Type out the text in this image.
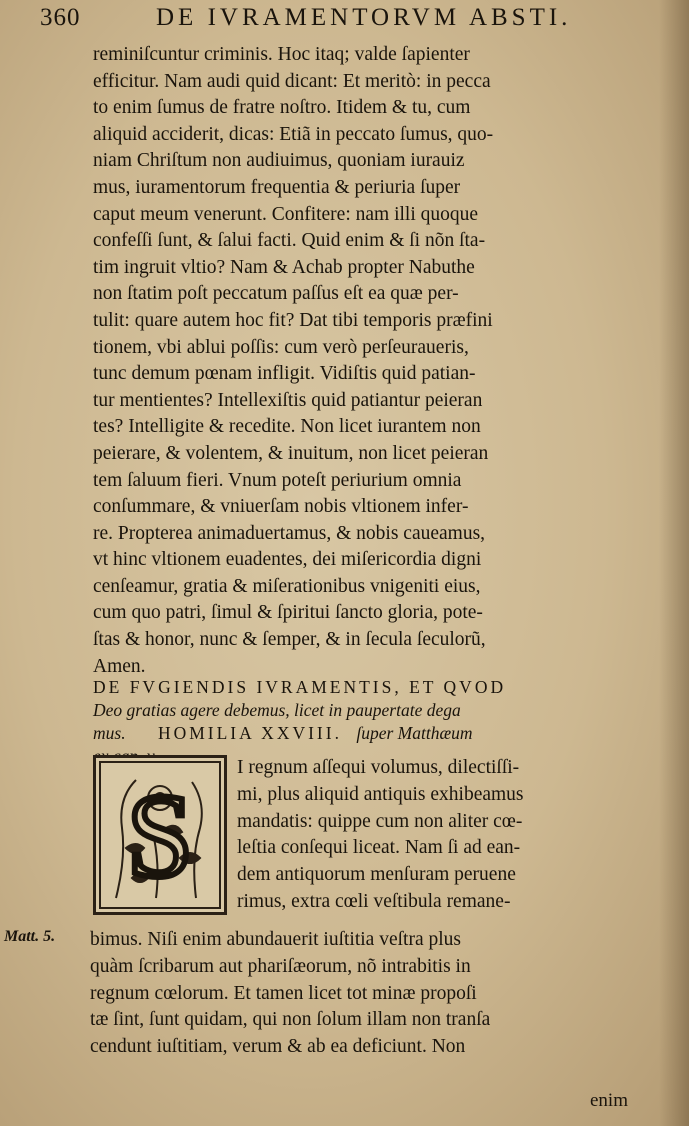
360	DE IVRAMENTORVM ABSTI.
reminiſcuntur criminis. Hoc itaq; valde ſapienter
efficitur. Nam audi quid dicant: Et meritò: in pecca
to enim ſumus de fratre noſtro. Itidem & tu, cum
aliquid acciderit, dicas: Etiã in peccato ſumus, quo-
niam Chriſtum non audiuimus, quoniam iurauiz
mus, iuramentorum frequentia & periuria ſuper
caput meum venerunt. Confitere: nam illi quoque
confeſſi ſunt, & ſalui facti. Quid enim & ſi nõn ſta-
tim ingruit vltio? Nam & Achab propter Nabuthe
non ſtatim poſt peccatum paſſus eſt ea quæ per-
tulit: quare autem hoc fit? Dat tibi temporis præfini
tionem, vbi ablui poſſis: cum verò perſeuraueris,
tunc demum pœnam infligit. Vidiſtis quid patian-
tur mentientes? Intellexiſtis quid patiantur peieran
tes? Intelligite & recedite. Non licet iurantem non
peierare, & volentem, & inuitum, non licet peieran
tem ſaluum fieri. Vnum poteſt periurium omnia
conſummare, & vniuerſam nobis vltionem infer-
re. Propterea animaduertamus, & nobis caueamus,
vt hinc vltionem euadentes, dei miſericordia digni
cenſeamur, gratia & miſerationibus vnigeniti eius,
cum quo patri, ſimul & ſpiritui ſancto gloria, pote-
ſtas & honor, nunc & ſemper, & in ſecula ſeculorũ,
Amen.
DE FVGIENDIS IVRAMENTIS, ET QVOD
Deo gratias agere debemus, licet in paupertate dega
mus. HOMILIA XXVIII. ſuper Matthæum
S
I regnum aſſequi volumus, dilectiſſi-
mi, plus aliquid antiquis exhibeamus
mandatis: quippe cum non aliter cœ-
leſtia conſequi liceat. Nam ſi ad ean-
dem antiquorum menſuram peruene
rimus, extra cœli veſtibula remane-
Matt. 5. bimus. Niſi enim abundauerit iuſtitia veſtra plus
quàm ſcribarum aut phariſæorum, nõ intrabitis in
regnum cœlorum. Et tamen licet tot minæ propoſi
tæ ſint, ſunt quidam, qui non ſolum illam non tranſa
cendunt iuſtitiam, verum & ab ea deficiunt. Non
enim
